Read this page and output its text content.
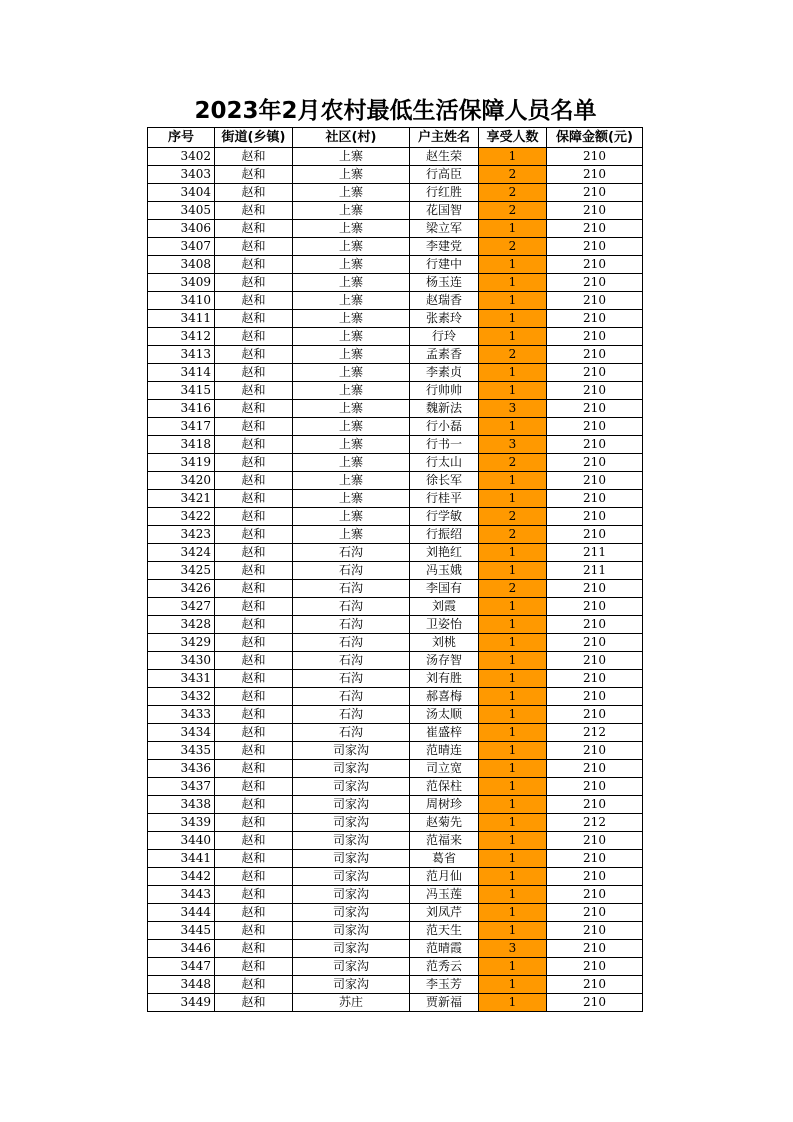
2023年2月农村最低生活保障人员名单
序号	街道(乡镇)	社区(村)	户主姓名	享受人数	保障金额(元)
3402	赵和	上寨	赵生荣	1	210
3403	赵和	上寨	行高臣	2	210
3404	赵和	上寨	行红胜	2	210
3405	赵和	上寨	花国智	2	210
3406	赵和	上寨	梁立军	1	210
3407	赵和	上寨	李建党	2	210
3408	赵和	上寨	行建中	1	210
3409	赵和	上寨	杨玉连	1	210
3410	赵和	上寨	赵瑞香	1	210
3411	赵和	上寨	张素玲	1	210
3412	赵和	上寨	行玲	1	210
3413	赵和	上寨	孟素香	2	210
3414	赵和	上寨	李素贞	1	210
3415	赵和	上寨	行帅帅	1	210
3416	赵和	上寨	魏新法	3	210
3417	赵和	上寨	行小磊	1	210
3418	赵和	上寨	行书一	3	210
3419	赵和	上寨	行太山	2	210
3420	赵和	上寨	徐长军	1	210
3421	赵和	上寨	行桂平	1	210
3422	赵和	上寨	行学敏	2	210
3423	赵和	上寨	行振绍	2	210
3424	赵和	石沟	刘艳红	1	211
3425	赵和	石沟	冯玉娥	1	211
3426	赵和	石沟	李国有	2	210
3427	赵和	石沟	刘霞	1	210
3428	赵和	石沟	卫姿怡	1	210
3429	赵和	石沟	刘桃	1	210
3430	赵和	石沟	汤存智	1	210
3431	赵和	石沟	刘有胜	1	210
3432	赵和	石沟	郝喜梅	1	210
3433	赵和	石沟	汤太顺	1	210
3434	赵和	石沟	崔盛梓	1	212
3435	赵和	司家沟	范晴连	1	210
3436	赵和	司家沟	司立宽	1	210
3437	赵和	司家沟	范保柱	1	210
3438	赵和	司家沟	周树珍	1	210
3439	赵和	司家沟	赵菊先	1	212
3440	赵和	司家沟	范福来	1	210
3441	赵和	司家沟	葛省	1	210
3442	赵和	司家沟	范月仙	1	210
3443	赵和	司家沟	冯玉莲	1	210
3444	赵和	司家沟	刘凤芹	1	210
3445	赵和	司家沟	范天生	1	210
3446	赵和	司家沟	范晴霞	3	210
3447	赵和	司家沟	范秀云	1	210
3448	赵和	司家沟	李玉芳	1	210
3449	赵和	苏庄	贾新福	1	210
